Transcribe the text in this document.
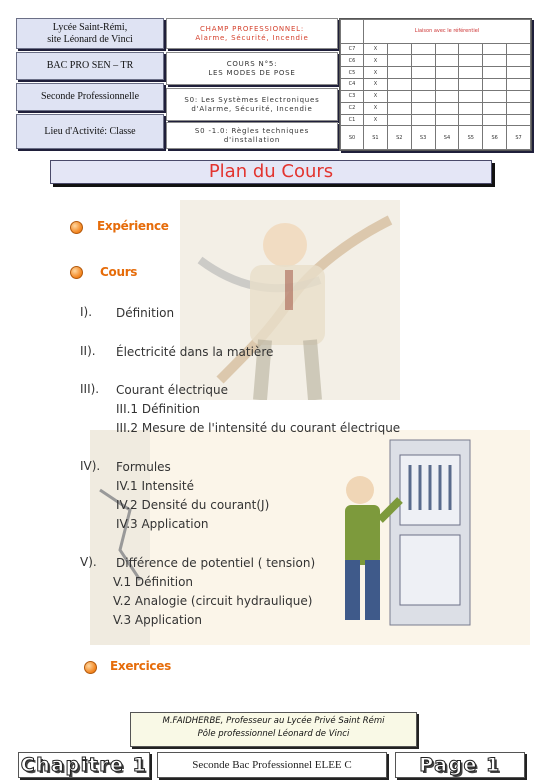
Lycée Saint-Rémi,
site Léonard de Vinci
BAC PRO SEN – TR
Seconde Professionnelle
Lieu d'Activité: Classe
CHAMP PROFESSIONNEL:
Alarme, Sécurité, Incendie
COURS N°5:
LES MODES DE POSE
S0: Les Systèmes Electroniques
d'Alarme, Sécurité, Incendie
S0 -1.0: Règles techniques
d'installation
	Liaison avec le référentiel						
C7	X						
C6	X						
C5	X						
C4	X						
C3	X						
C2	X						
C1	X						
S0	S1	S2	S3	S4	S5	S6	S7
Plan du Cours
Expérience
Cours
I). Définition
II). Électricité dans la matière
III). Courant électrique
III.1 Définition
III.2 Mesure de l'intensité du courant électrique
IV). Formules
IV.1 Intensité
IV.2 Densité du courant(J)
IV.3 Application
V). Différence de potentiel ( tension)
V.1 Définition
V.2 Analogie (circuit hydraulique)
V.3 Application
Exercices
M.FAIDHERBE, Professeur au Lycée Privé Saint Rémi
Pôle professionnel Léonard de Vinci
Chapitre 1	Seconde Bac Professionnel ELEE C	Page 1
